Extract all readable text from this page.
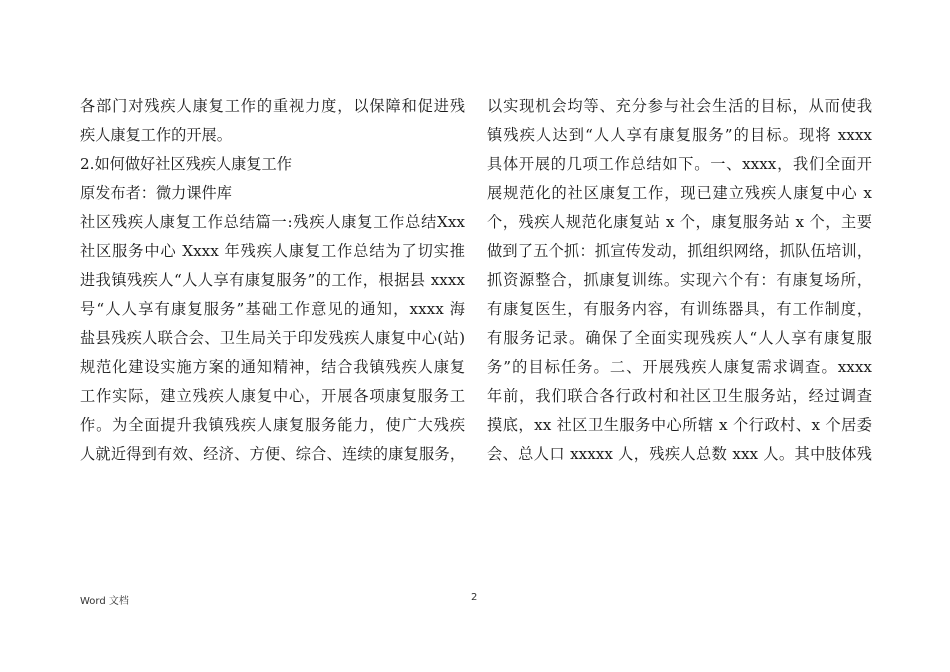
各部门对残疾人康复工作的重视力度，以保障和促进残
疾人康复工作的开展。
2.如何做好社区残疾人康复工作
原发布者：微力课件库
社区残疾人康复工作总结篇一:残疾人康复工作总结Xxx
社区服务中心 Xxxx 年残疾人康复工作总结为了切实推
进我镇残疾人“人人享有康复服务”的工作，根据县 xxxx
号“人人享有康复服务”基础工作意见的通知，xxxx 海
盐县残疾人联合会、卫生局关于印发残疾人康复中心(站)
规范化建设实施方案的通知精神，结合我镇残疾人康复
工作实际，建立残疾人康复中心，开展各项康复服务工
作。为全面提升我镇残疾人康复服务能力，使广大残疾
人就近得到有效、经济、方便、综合、连续的康复服务，
以实现机会均等、充分参与社会生活的目标，从而使我
镇残疾人达到“人人享有康复服务”的目标。现将 xxxx
具体开展的几项工作总结如下。一、xxxx，我们全面开
展规范化的社区康复工作，现已建立残疾人康复中心 x
个，残疾人规范化康复站 x 个，康复服务站 x 个，主要
做到了五个抓：抓宣传发动，抓组织网络，抓队伍培训，
抓资源整合，抓康复训练。实现六个有：有康复场所，
有康复医生，有服务内容，有训练器具，有工作制度，
有服务记录。确保了全面实现残疾人“人人享有康复服
务”的目标任务。二、开展残疾人康复需求调查。xxxx
年前，我们联合各行政村和社区卫生服务站，经过调查
摸底，xx 社区卫生服务中心所辖 x 个行政村、x 个居委
会、总人口 xxxxx 人，残疾人总数 xxx 人。其中肢体残
Word 文档	2
